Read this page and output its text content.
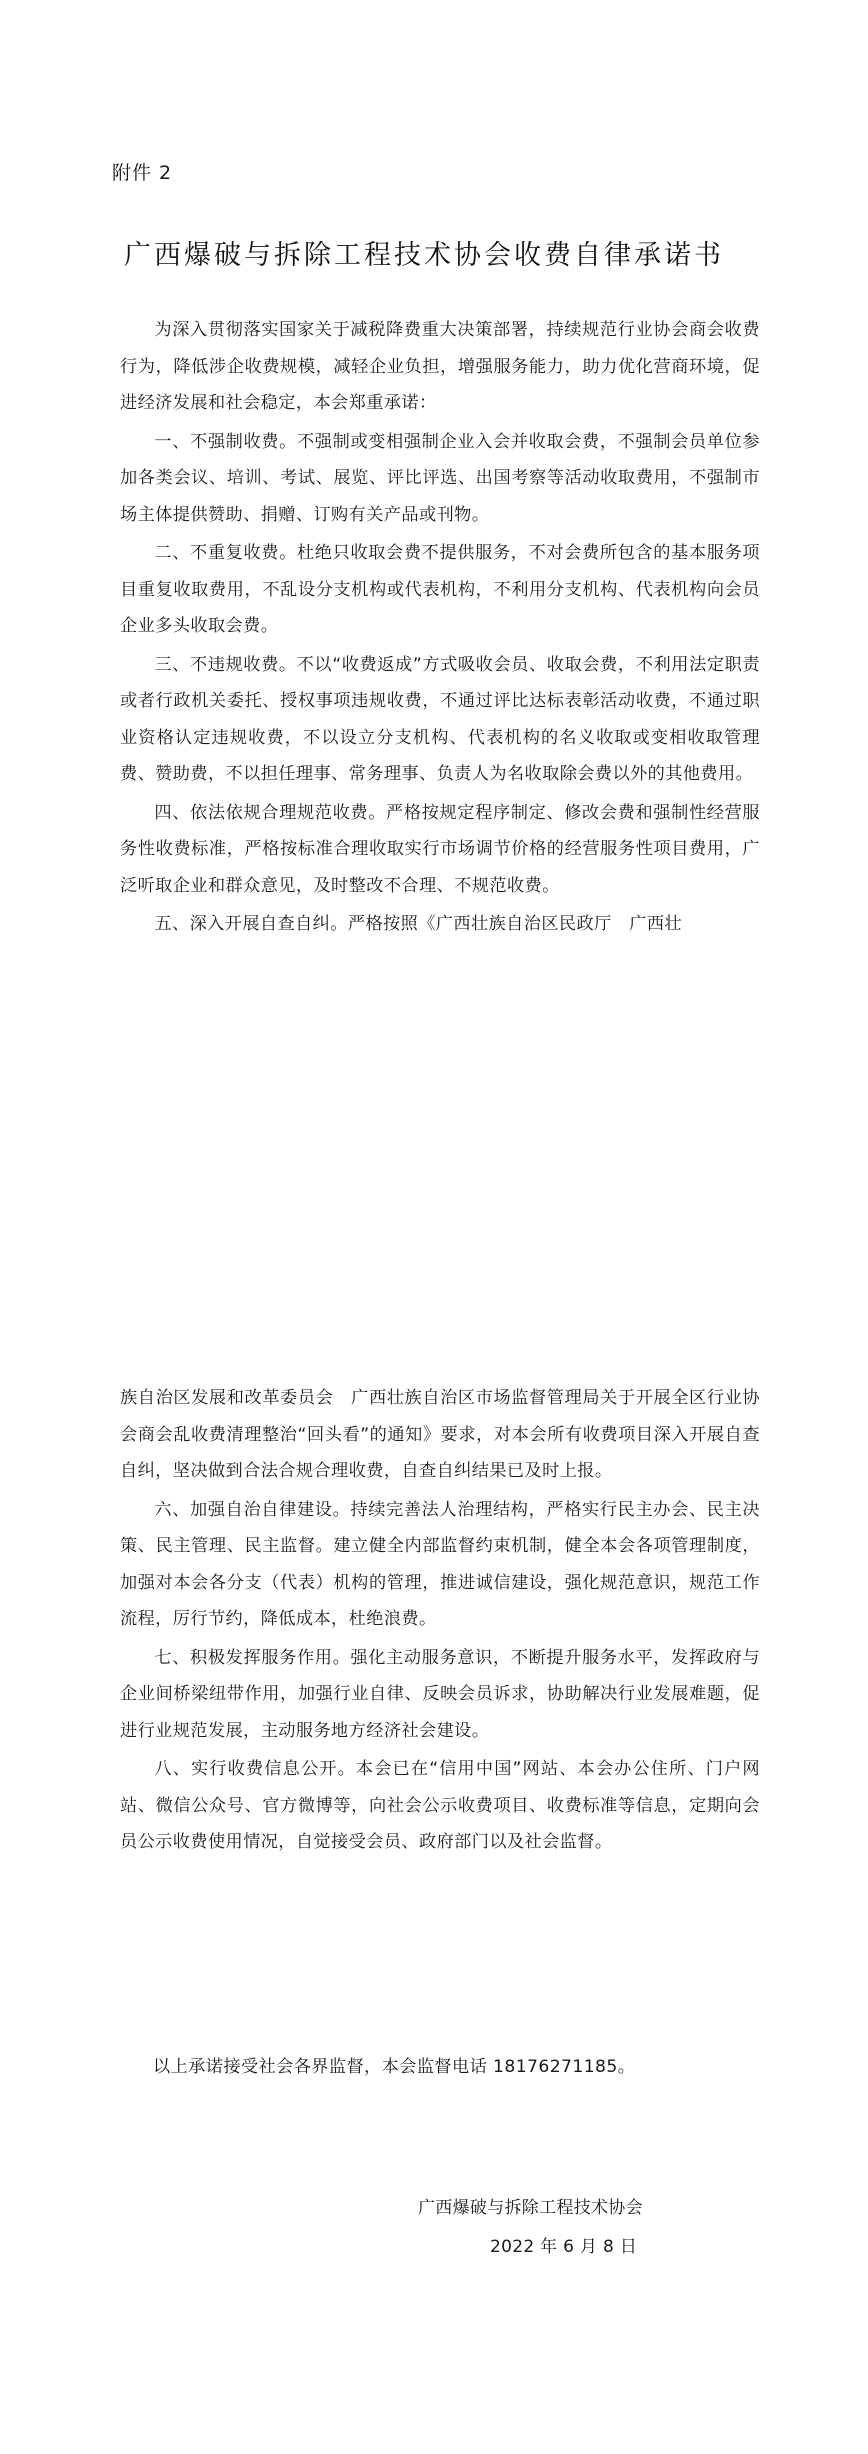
附件 2
广西爆破与拆除工程技术协会收费自律承诺书

为深入贯彻落实国家关于减税降费重大决策部署，持续规范行业协会商会收费行为，降低涉企收费规模，减轻企业负担，增强服务能力，助力优化营商环境，促进经济发展和社会稳定，本会郑重承诺：

一、不强制收费。不强制或变相强制企业入会并收取会费，不强制会员单位参加各类会议、培训、考试、展览、评比评选、出国考察等活动收取费用，不强制市场主体提供赞助、捐赠、订购有关产品或刊物。

二、不重复收费。杜绝只收取会费不提供服务，不对会费所包含的基本服务项目重复收取费用，不乱设分支机构或代表机构，不利用分支机构、代表机构向会员企业多头收取会费。

三、不违规收费。不以“收费返成”方式吸收会员、收取会费，不利用法定职责或者行政机关委托、授权事项违规收费，不通过评比达标表彰活动收费，不通过职业资格认定违规收费，不以设立分支机构、代表机构的名义收取或变相收取管理费、赞助费，不以担任理事、常务理事、负责人为名收取除会费以外的其他费用。

四、依法依规合理规范收费。严格按规定程序制定、修改会费和强制性经营服务性收费标准，严格按标准合理收取实行市场调节价格的经营服务性项目费用，广泛听取企业和群众意见，及时整改不合理、不规范收费。

五、深入开展自查自纠。严格按照《广西壮族自治区民政厅　广西壮

族自治区发展和改革委员会　广西壮族自治区市场监督管理局关于开展全区行业协会商会乱收费清理整治“回头看”的通知》要求，对本会所有收费项目深入开展自查自纠，坚决做到合法合规合理收费，自查自纠结果已及时上报。

六、加强自治自律建设。持续完善法人治理结构，严格实行民主办会、民主决策、民主管理、民主监督。建立健全内部监督约束机制，健全本会各项管理制度，加强对本会各分支（代表）机构的管理，推进诚信建设，强化规范意识，规范工作流程，厉行节约，降低成本，杜绝浪费。

七、积极发挥服务作用。强化主动服务意识，不断提升服务水平，发挥政府与企业间桥梁纽带作用，加强行业自律、反映会员诉求，协助解决行业发展难题，促进行业规范发展，主动服务地方经济社会建设。

八、实行收费信息公开。本会已在“信用中国”网站、本会办公住所、门户网站、微信公众号、官方微博等，向社会公示收费项目、收费标准等信息，定期向会员公示收费使用情况，自觉接受会员、政府部门以及社会监督。

以上承诺接受社会各界监督，本会监督电话 18176271185。
广西爆破与拆除工程技术协会
2022 年 6 月 8 日
